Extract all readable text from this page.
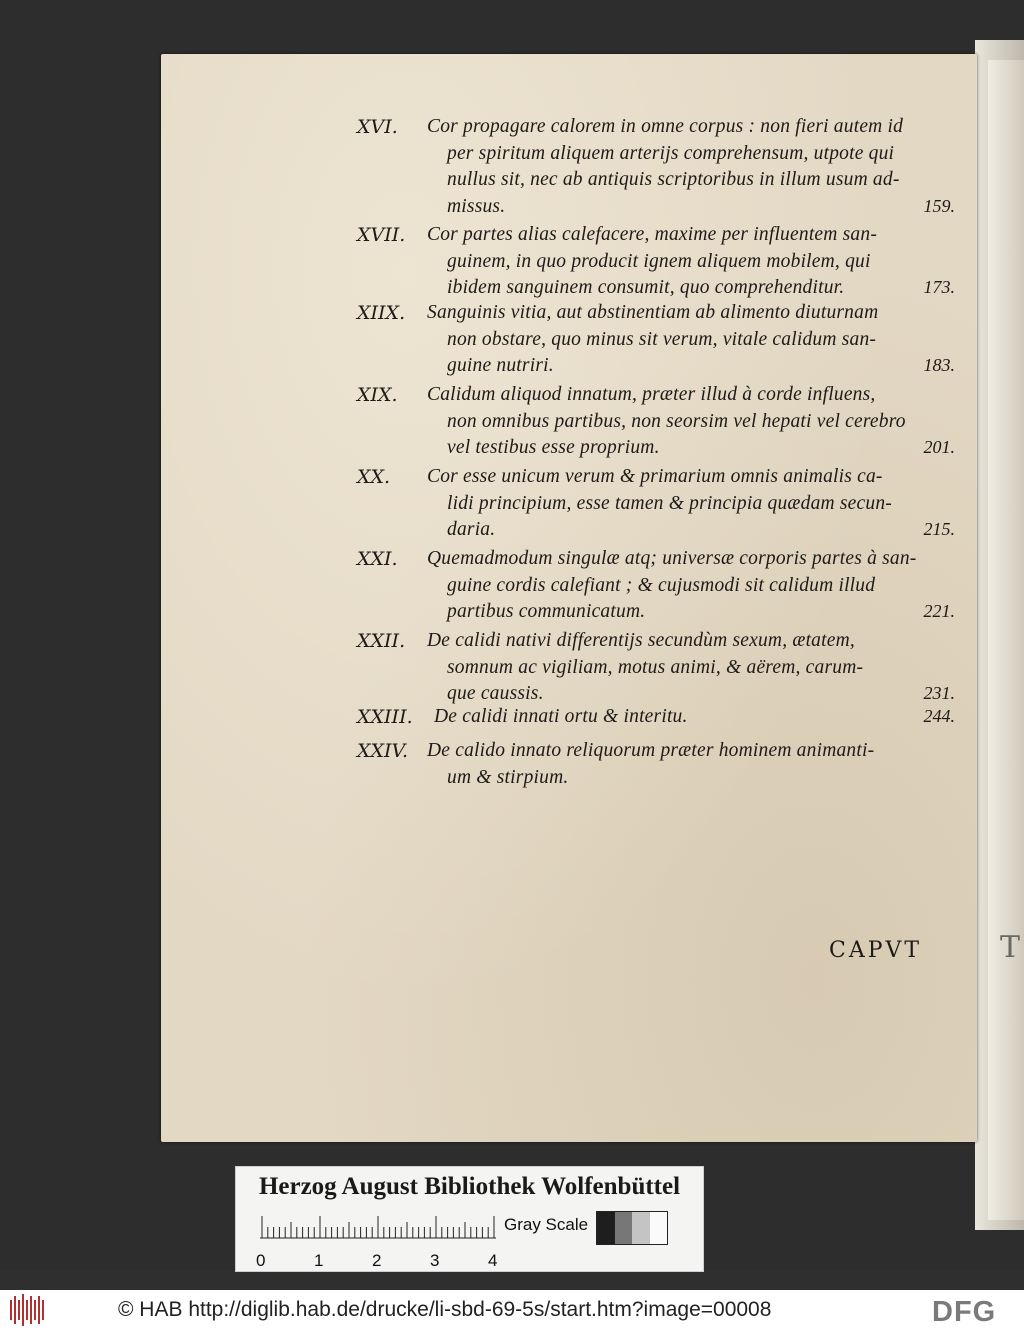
T
XVI. Cor propagare calorem in omne corpus : non fieri autem id
per spiritum aliquem arterijs comprehensum, utpote qui
nullus sit, nec ab antiquis scriptoribus in illum usum ad-
missus.	159.
XVII. Cor partes alias calefacere, maxime per influentem san-
guinem, in quo producit ignem aliquem mobilem, qui
ibidem sanguinem consumit, quo comprehenditur.	173.
XIIX. Sanguinis vitia, aut abstinentiam ab alimento diuturnam
non obstare, quo minus sit verum, vitale calidum san-
guine nutriri.	183.
XIX. Calidum aliquod innatum, præter illud à corde influens,
non omnibus partibus, non seorsim vel hepati vel cerebro
vel testibus esse proprium.	201.
XX. Cor esse unicum verum & primarium omnis animalis ca-
lidi principium, esse tamen & principia quædam secun-
daria.	215.
XXI. Quemadmodum singulæ atq; universæ corporis partes à san-
guine cordis calefiant ; & cujusmodi sit calidum illud
partibus communicatum.	221.
XXII. De calidi nativi differentijs secundùm sexum, ætatem,
somnum ac vigiliam, motus animi, & aërem, carum-
que caussis.	231.
XXIII. De calidi innati ortu & interitu.	244.
XXIV. De calido innato reliquorum præter hominem animanti-
um & stirpium.
CAPVT
Herzog August Bibliothek Wolfenbüttel
Gray Scale
0	1	2	3	4
© HAB http://diglib.hab.de/drucke/li-sbd-69-5s/start.htm?image=00008	DFG
